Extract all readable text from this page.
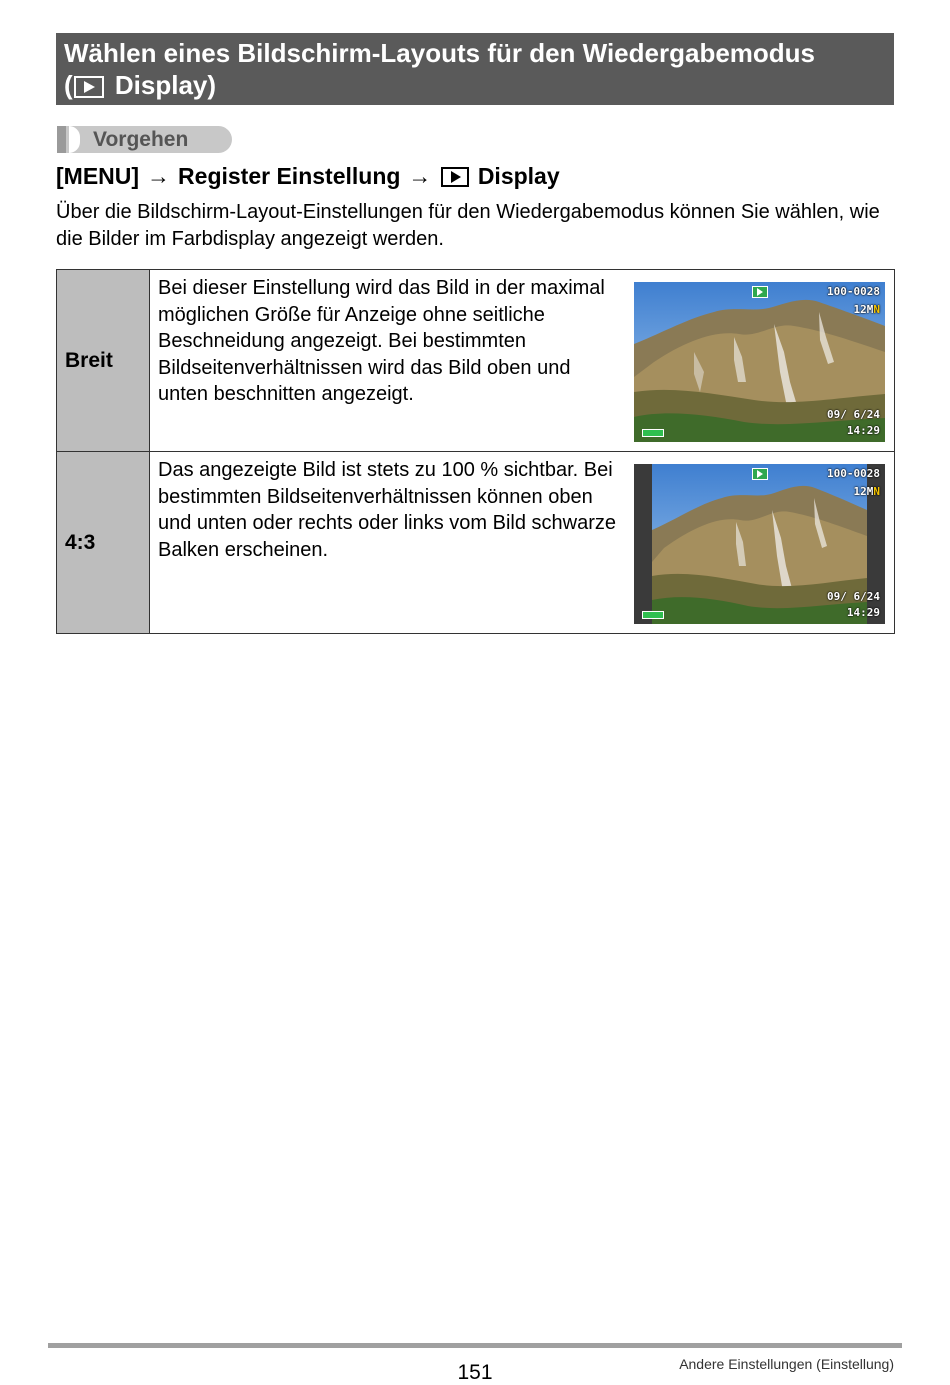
Wählen eines Bildschirm-Layouts für den Wiedergabemodus
(
Display)
Vorgehen
[MENU] → Register Einstellung → Display
Über die Bildschirm-Layout-Einstellungen für den Wiedergabemodus können Sie wählen, wie die Bilder im Farbdisplay angezeigt werden.
Breit	Bei dieser Einstellung wird das Bild in der maximal möglichen Größe für Anzeige ohne seitliche Beschneidung angezeigt. Bei bestimmten Bildseitenverhältnissen wird das Bild oben und unten beschnitten angezeigt.
100-0028
12MN
09/ 6/24
14:29

4:3	Das angezeigte Bild ist stets zu 100 % sichtbar. Bei bestimmten Bildseitenverhältnissen können oben und unten oder rechts oder links vom Bild schwarze Balken erscheinen.
100-0028
12MN
09/ 6/24
14:29
151	Andere Einstellungen (Einstellung)
